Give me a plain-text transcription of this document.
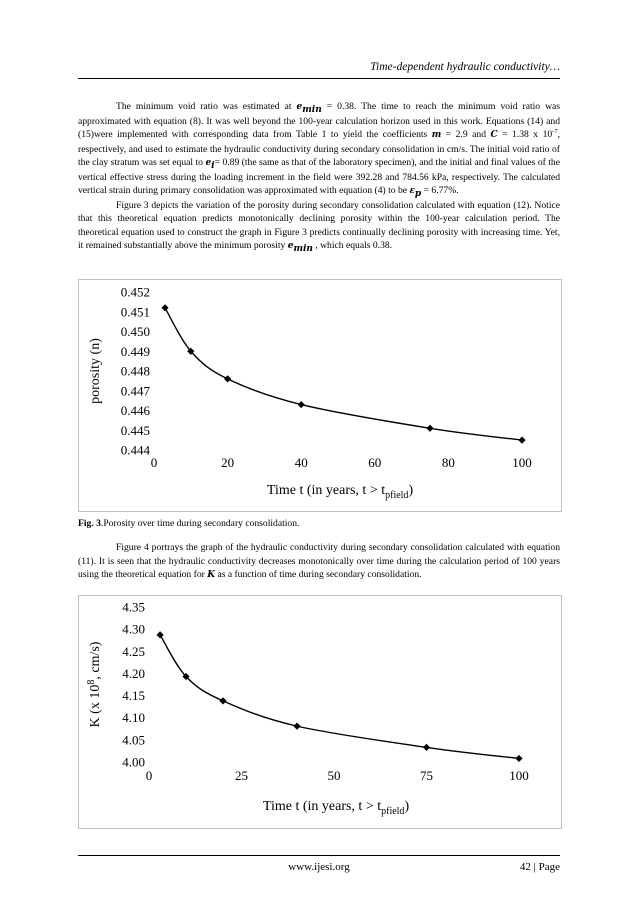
Time-dependent hydraulic conductivity…

The minimum void ratio was estimated at $e_{min} = 0.38$. The time to reach the minimum void ratio was approximated with equation (8). It was well beyond the 100-year calculation horizon used in this work. Equations (14) and (15)were implemented with corresponding data from Table 1 to yield the coefficients m = 2.9 and C = 1.38 x $10^{-7}$, respectively, and used to estimate the hydraulic conductivity during secondary consolidation in cm/s. The initial void ratio of the clay stratum was set equal to $e_i= 0.89$ (the same as that of the laboratory specimen), and the initial and final values of the vertical effective stress during the loading increment in the field were 392.28 and 784.56 kPa, respectively. The calculated vertical strain during primary consolidation was approximated with equation (4) to be $\varepsilon_p = 6.77\%$.

Figure 3 depicts the variation of the porosity during secondary consolidation calculated with equation (12). Notice that this theoretical equation predicts monotonically declining porosity within the 100-year calculation period. The theoretical equation used to construct the graph in Figure 3 predicts continually declining porosity with increasing time. Yet, it remained substantially above the minimum porosity $e_{min}$ , which equals 0.38.

0.452
0.451
0.450
0.449
0.448
0.447
0.446
0.445
0.444
0	20	40	60	80	100
Time t (in years, $t > t_{pfield}$)
porosity (n)
Fig. 3.Porosity over time during secondary consolidation.

Figure 4 portrays the graph of the hydraulic conductivity during secondary consolidation calculated with equation (11). It is seen that the hydraulic conductivity decreases monotonically over time during the calculation period of 100 years using the theoretical equation for K as a function of time during secondary consolidation.

4.35
4.30
4.25
4.20
4.15
4.10
4.05
4.00
0	25	50	75	100
Time t (in years, $t > t_{pfield}$)
K (x $10^8$, cm/s)
www.ijesi.org	42 | Page
